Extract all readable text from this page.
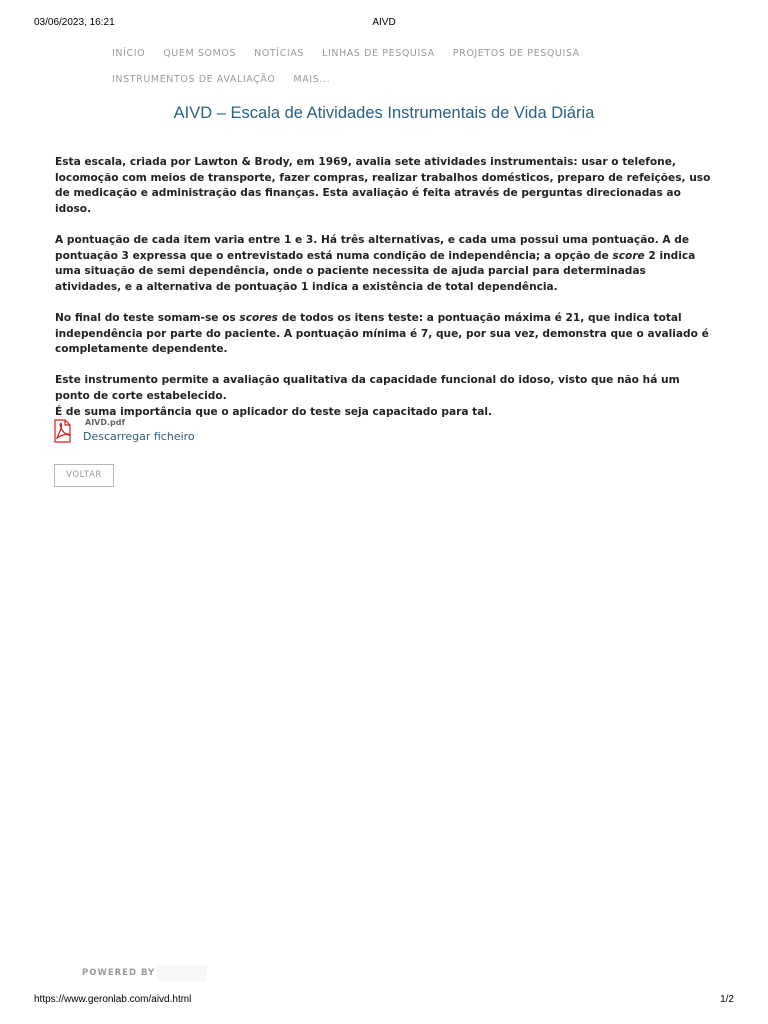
03/06/2023, 16:21	AIVD
INÍCIO	QUEM SOMOS	NOTÍCIAS	LINHAS DE PESQUISA	PROJETOS DE PESQUISA
INSTRUMENTOS DE AVALIAÇÃO	MAIS...
AIVD – Escala de Atividades Instrumentais de Vida Diária

Esta escala, criada por Lawton & Brody, em 1969, avalia sete atividades instrumentais: usar o telefone, locomoção com meios de transporte, fazer compras, realizar trabalhos domésticos, preparo de refeições, uso de medicação e administração das finanças. Esta avaliação é feita através de perguntas direcionadas ao idoso.

A pontuação de cada item varia entre 1 e 3. Há três alternativas, e cada uma possui uma pontuação. A de pontuação 3 expressa que o entrevistado está numa condição de independência; a opção de score 2 indica uma situação de semi dependência, onde o paciente necessita de ajuda parcial para determinadas atividades, e a alternativa de pontuação 1 indica a existência de total dependência.

No final do teste somam-se os scores de todos os itens teste: a pontuação máxima é 21, que indica total independência por parte do paciente. A pontuação mínima é 7, que, por sua vez, demonstra que o avaliado é completamente dependente.

Este instrumento permite a avaliação qualitativa da capacidade funcional do idoso, visto que não há um ponto de corte estabelecido.

É de suma importância que o aplicador do teste seja capacitado para tal.

AIVD.pdf
Descarregar ficheiro
VOLTAR
POWERED BY
https://www.geronlab.com/aivd.html	1/2
